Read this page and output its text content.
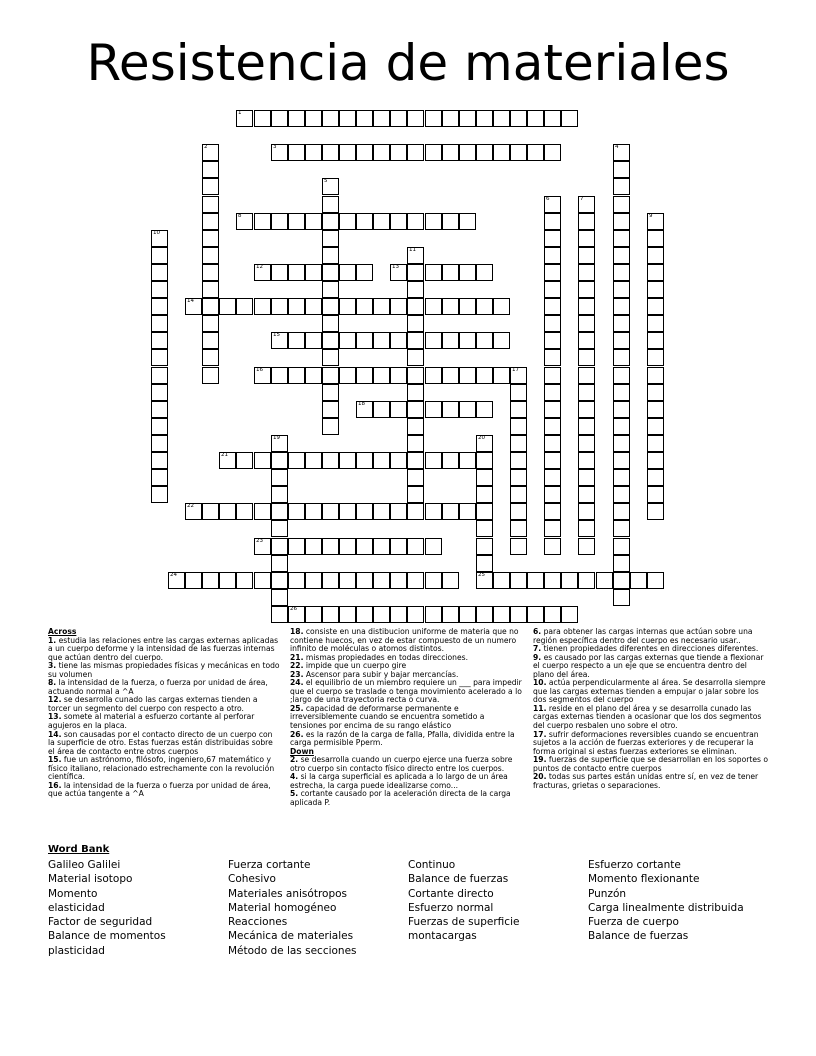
Resistencia de materiales
1
3
8
12	13
14
15
16
18
21
22
23
24	25
26
2	4
5
6	7
9
10
11
17
19	20
Across
1. estudia las relaciones entre las cargas externas aplicadas a un cuerpo deforme y la intensidad de las fuerzas internas que actúan dentro del cuerpo.
3. tiene las mismas propiedades físicas y mecánicas en todo su volumen
8. la intensidad de la fuerza, o fuerza por unidad de área, actuando normal a ^A
12. se desarrolla cunado las cargas externas tienden a torcer un segmento del cuerpo con respecto a otro.
13. somete al material a esfuerzo cortante al perforar agujeros en la placa.
14. son causadas por el contacto directo de un cuerpo con la superficie de otro. Estas fuerzas están distribuidas sobre el área de contacto entre otros cuerpos
15. fue un astrónomo, filósofo, ingeniero,67 matemático y físico italiano, relacionado estrechamente con la revolución científica.
16. la intensidad de la fuerza o fuerza por unidad de área, que actúa tangente a ^A
18. consiste en una distibucion uniforme de materia que no contiene huecos, en vez de estar compuesto de un numero infinito de moléculas o atomos distintos.
21. mismas propiedades en todas direcciones.
22. impide que un cuerpo gire
23. Ascensor para subir y bajar mercancías.
24. el equilibrio de un miembro requiere un ___ para impedir que el cuerpo se traslade o tenga movimiento acelerado a lo ;largo de una trayectoria recta o curva.
25. capacidad de deformarse permanente e irreversiblemente cuando se encuentra sometido a tensiones por encima de su rango elástico
26. es la razón de la carga de falla, Pfalla, dividida entre la carga permisible Pperm.
Down
2. se desarrolla cuando un cuerpo ejerce una fuerza sobre otro cuerpo sin contacto físico directo entre los cuerpos.
4. si la carga superficial es aplicada a lo largo de un área estrecha, la carga puede idealizarse como...
5. cortante causado por la aceleración directa de la carga aplicada P.
6. para obtener las cargas internas que actúan sobre una región específica dentro del cuerpo es necesario usar..
7. tienen propiedades diferentes en direcciones diferentes.
9. es causado por las cargas externas que tiende a flexionar el cuerpo respecto a un eje que se encuentra dentro del plano del área.
10. actúa perpendicularmente al área. Se desarrolla siempre que las cargas externas tienden a empujar o jalar sobre los dos segmentos del cuerpo
11. reside en el plano del área y se desarrolla cunado las cargas externas tienden a ocasionar que los dos segmentos del cuerpo resbalen uno sobre el otro.
17. sufrir deformaciones reversibles cuando se encuentran sujetos a la acción de fuerzas exteriores y de recuperar la forma original si estas fuerzas exteriores se eliminan.
19. fuerzas de superficie que se desarrollan en los soportes o puntos de contacto entre cuerpos
20. todas sus partes están unidas entre sí, en vez de tener fracturas, grietas o separaciones.
Word Bank
Galileo Galilei
Material isotopo
Momento
elasticidad
Factor de seguridad
Balance de momentos
plasticidad
Fuerza cortante
Cohesivo
Materiales anisótropos
Material homogéneo
Reacciones
Mecánica de materiales
Método de las secciones
Continuo
Balance de fuerzas
Cortante directo
Esfuerzo normal
Fuerzas de superficie
montacargas
Esfuerzo cortante
Momento flexionante
Punzón
Carga linealmente distribuida
Fuerza de cuerpo
Balance de fuerzas
